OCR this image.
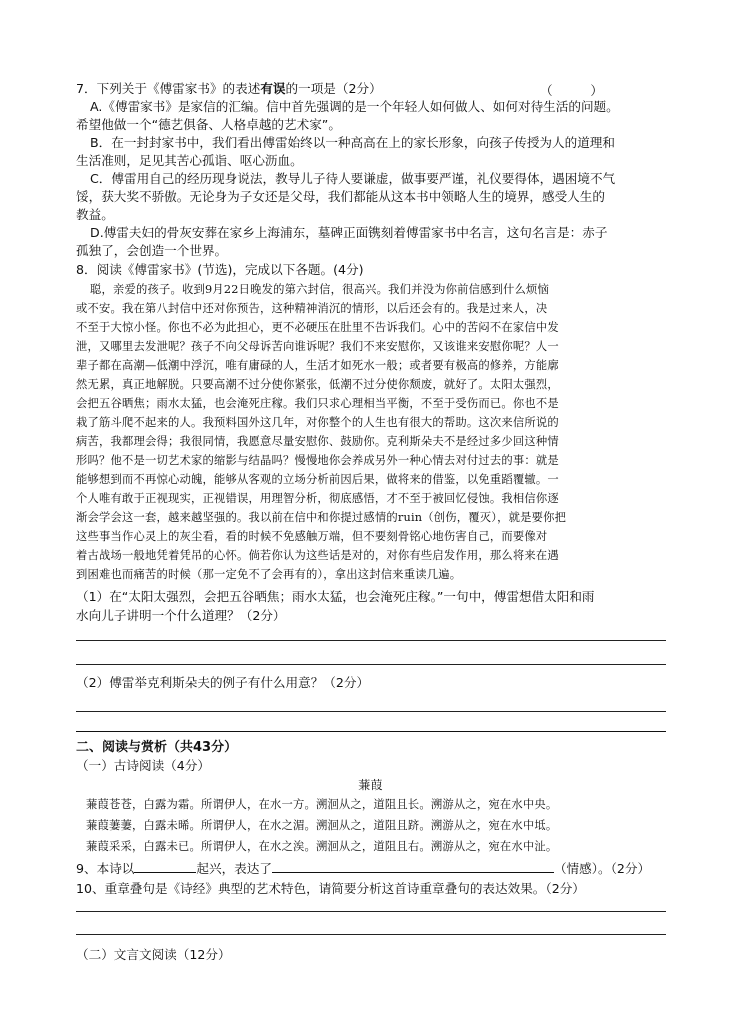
7．下列关于《傅雷家书》的表述有误的一项是（2分）	（　　　）
A.《傅雷家书》是家信的汇编。信中首先强调的是一个年轻人如何做人、如何对待生活的问题。
希望他做一个“德艺俱备、人格卓越的艺术家”。
B．在一封封家书中，我们看出傅雷始终以一种高高在上的家长形象，向孩子传授为人的道理和
生活准则，足见其苦心孤诣、呕心沥血。
C．傅雷用自己的经历现身说法，教导儿子待人要谦虚，做事要严谨，礼仪要得体，遇困境不气
馁，获大奖不骄傲。无论身为子女还是父母，我们都能从这本书中领略人生的境界，感受人生的
教益。
D.傅雷夫妇的骨灰安葬在家乡上海浦东，墓碑正面镌刻着傅雷家书中名言，这句名言是：赤子
孤独了，会创造一个世界。
8．阅读《傅雷家书》(节选)，完成以下各题。(4分)
聪，亲爱的孩子。收到9月22日晚发的第六封信，很高兴。我们并没为你前信感到什么烦恼
或不安。我在第八封信中还对你预告，这种精神消沉的情形，以后还会有的。我是过来人，决
不至于大惊小怪。你也不必为此担心，更不必硬压在肚里不告诉我们。心中的苦闷不在家信中发
泄，又哪里去发泄呢？孩子不向父母诉苦向谁诉呢？我们不来安慰你，又该谁来安慰你呢？人一
辈子都在高潮—低潮中浮沉，唯有庸碌的人，生活才如死水一般；或者要有极高的修养，方能廓
然无累，真正地解脱。只要高潮不过分使你紧张，低潮不过分使你颓废，就好了。太阳太强烈，
会把五谷晒焦；雨水太猛，也会淹死庄稼。我们只求心理相当平衡，不至于受伤而已。你也不是
栽了筋斗爬不起来的人。我预料国外这几年，对你整个的人生也有很大的帮助。这次来信所说的
病苦，我都理会得；我很同情，我愿意尽量安慰你、鼓励你。克利斯朵夫不是经过多少回这种情
形吗？他不是一切艺术家的缩影与结晶吗？慢慢地你会养成另外一种心情去对付过去的事：就是
能够想到而不再惊心动魄，能够从客观的立场分析前因后果，做将来的借鉴，以免重蹈覆辙。一
个人唯有敢于正视现实，正视错误，用理智分析，彻底感悟，才不至于被回忆侵蚀。我相信你逐
渐会学会这一套，越来越坚强的。我以前在信中和你提过感情的ruin（创伤，覆灭），就是要你把
这些事当作心灵上的灰尘看，看的时候不免感触万端，但不要刻骨铭心地伤害自己，而要像对
着古战场一般地凭着凭吊的心怀。倘若你认为这些话是对的，对你有些启发作用，那么将来在遇
到困难也而痛苦的时候（那一定免不了会再有的），拿出这封信来重读几遍。
（1）在“太阳太强烈，会把五谷晒焦；雨水太猛，也会淹死庄稼。”一句中，傅雷想借太阳和雨
水向儿子讲明一个什么道理？（2分）
（2）傅雷举克利斯朵夫的例子有什么用意？（2分）
二、阅读与赏析（共43分）
（一）古诗阅读（4分）
蒹葭
蒹葭苍苍，白露为霜。所谓伊人，在水一方。溯洄从之，道阻且长。溯游从之，宛在水中央。
蒹葭萋萋，白露未晞。所谓伊人，在水之湄。溯洄从之，道阻且跻。溯游从之，宛在水中坻。
蒹葭采采，白露未已。所谓伊人，在水之涘。溯洄从之，道阻且右。溯游从之，宛在水中沚。
9、本诗以	起兴，表达了	（情感）。（2分）
10、重章叠句是《诗经》典型的艺术特色，请简要分析这首诗重章叠句的表达效果。（2分）
（二）文言文阅读（12分）
